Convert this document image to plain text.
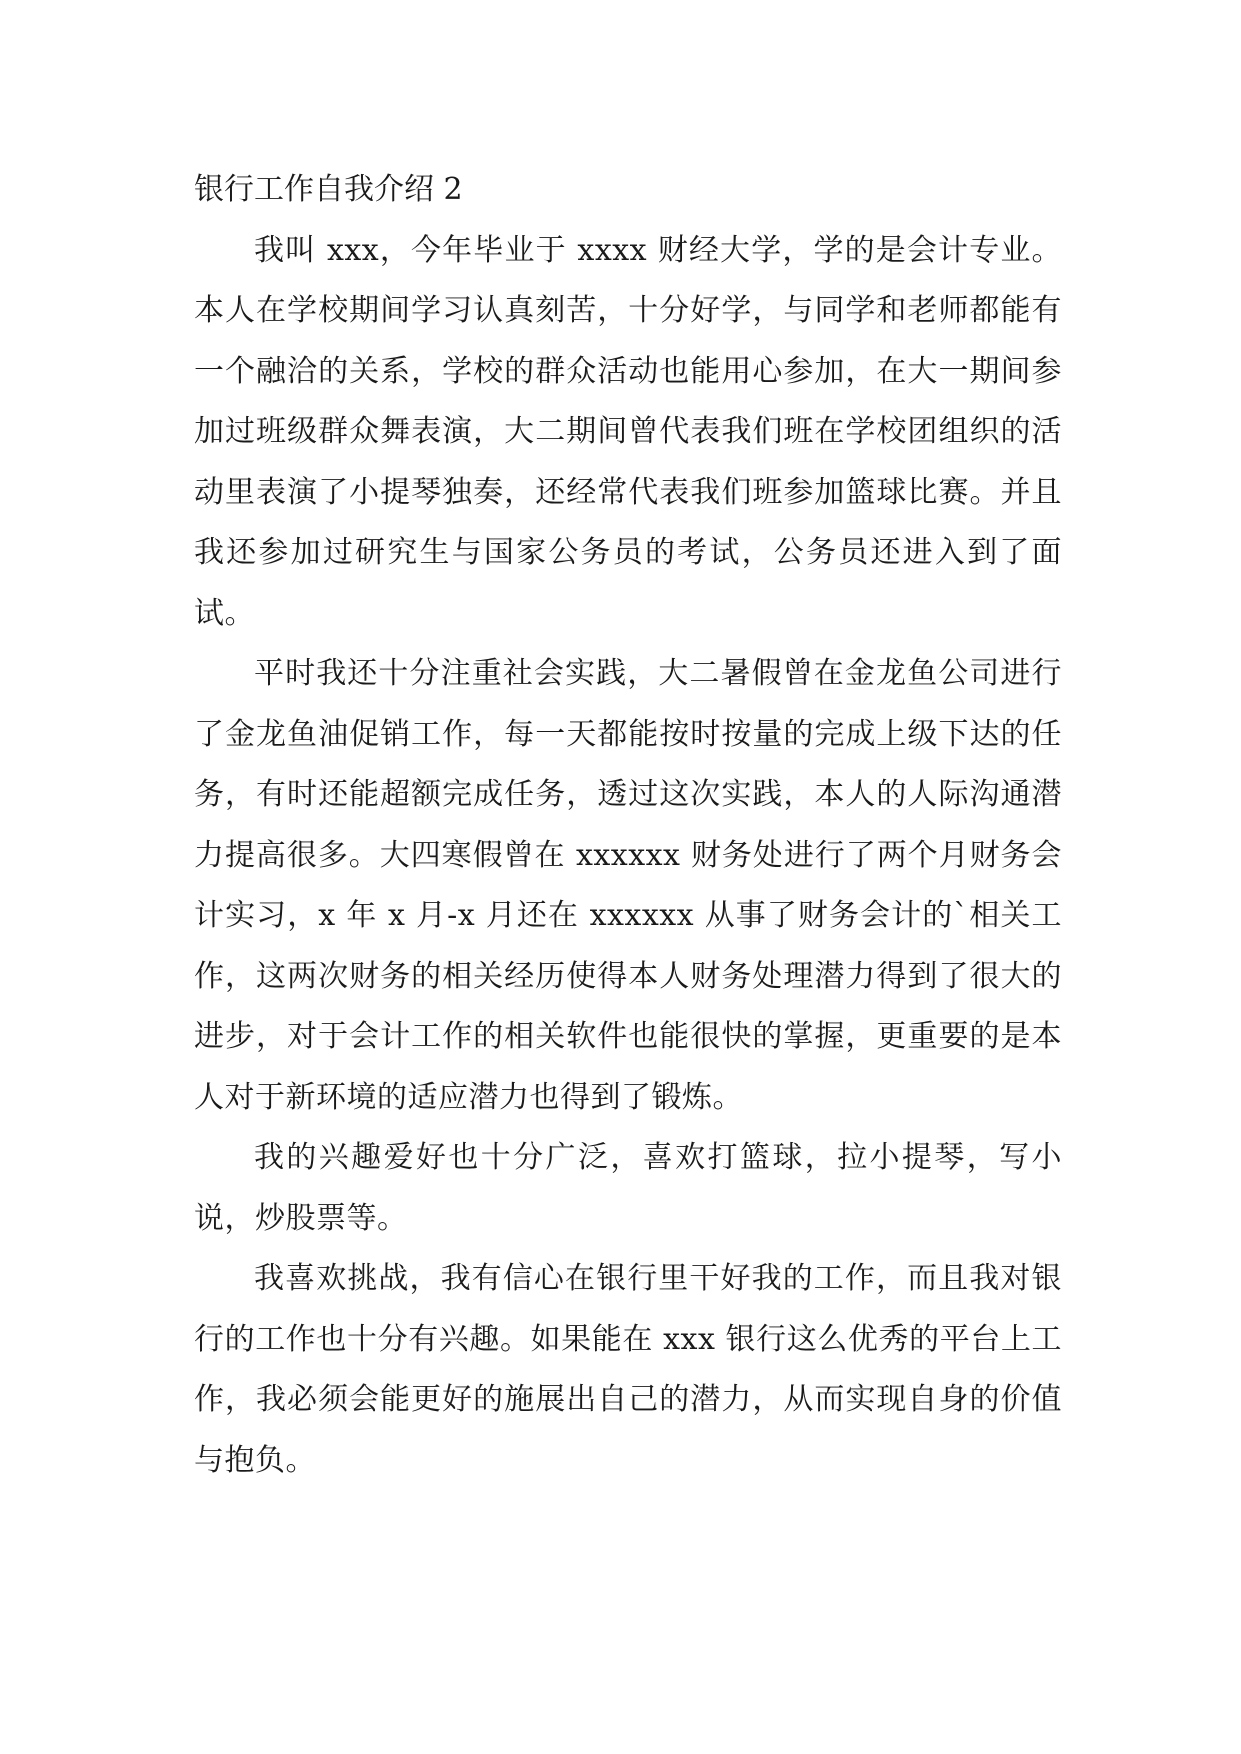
银行工作自我介绍 2

我叫 xxx，今年毕业于 xxxx 财经大学，学的是会计专业。本人在学校期间学习认真刻苦，十分好学，与同学和老师都能有一个融洽的关系，学校的群众活动也能用心参加，在大一期间参加过班级群众舞表演，大二期间曾代表我们班在学校团组织的活动里表演了小提琴独奏，还经常代表我们班参加篮球比赛。并且我还参加过研究生与国家公务员的考试，公务员还进入到了面试。

平时我还十分注重社会实践，大二暑假曾在金龙鱼公司进行了金龙鱼油促销工作，每一天都能按时按量的完成上级下达的任务，有时还能超额完成任务，透过这次实践，本人的人际沟通潜力提高很多。大四寒假曾在 xxxxxx 财务处进行了两个月财务会计实习，x 年 x 月-x 月还在 xxxxxx 从事了财务会计的`相关工作，这两次财务的相关经历使得本人财务处理潜力得到了很大的进步，对于会计工作的相关软件也能很快的掌握，更重要的是本人对于新环境的适应潜力也得到了锻炼。

我的兴趣爱好也十分广泛，喜欢打篮球，拉小提琴，写小说，炒股票等。

我喜欢挑战，我有信心在银行里干好我的工作，而且我对银行的工作也十分有兴趣。如果能在 xxx 银行这么优秀的平台上工作，我必须会能更好的施展出自己的潜力，从而实现自身的价值与抱负。
